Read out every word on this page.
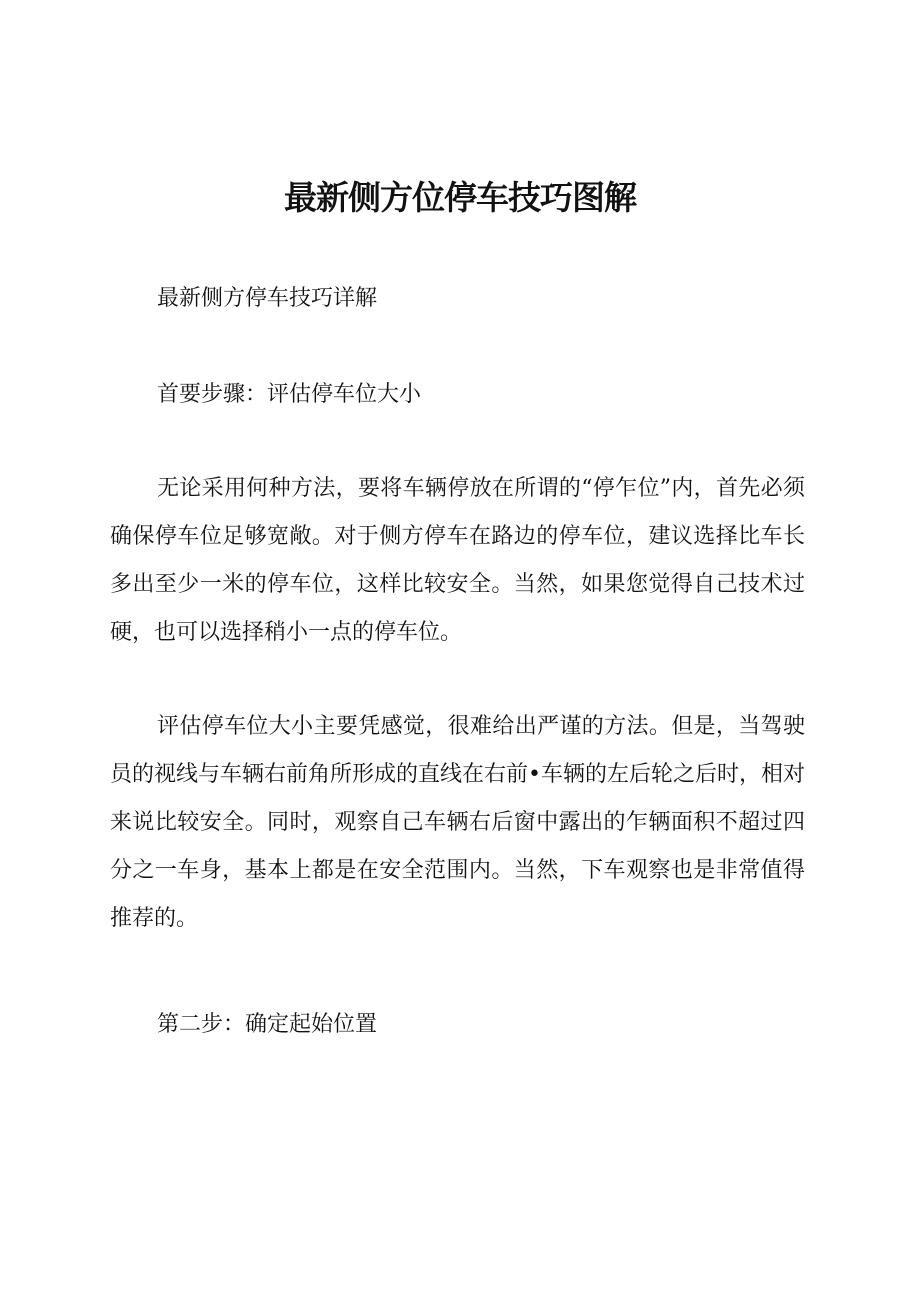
最新侧方位停车技巧图解

最新侧方停车技巧详解

首要步骤：评估停车位大小

无论采用何种方法，要将车辆停放在所谓的“停乍位”内，首先必须确保停车位足够宽敞。对于侧方停车在路边的停车位，建议选择比车长多出至少一米的停车位，这样比较安全。当然，如果您觉得自己技术过硬，也可以选择稍小一点的停车位。

评估停车位大小主要凭感觉，很难给出严谨的方法。但是，当驾驶员的视线与车辆右前角所形成的直线在右前•车辆的左后轮之后时，相对来说比较安全。同时，观察自己车辆右后窗中露出的乍辆面积不超过四分之一车身，基本上都是在安全范围内。当然，下车观察也是非常值得推荐的。

第二步：确定起始位置
